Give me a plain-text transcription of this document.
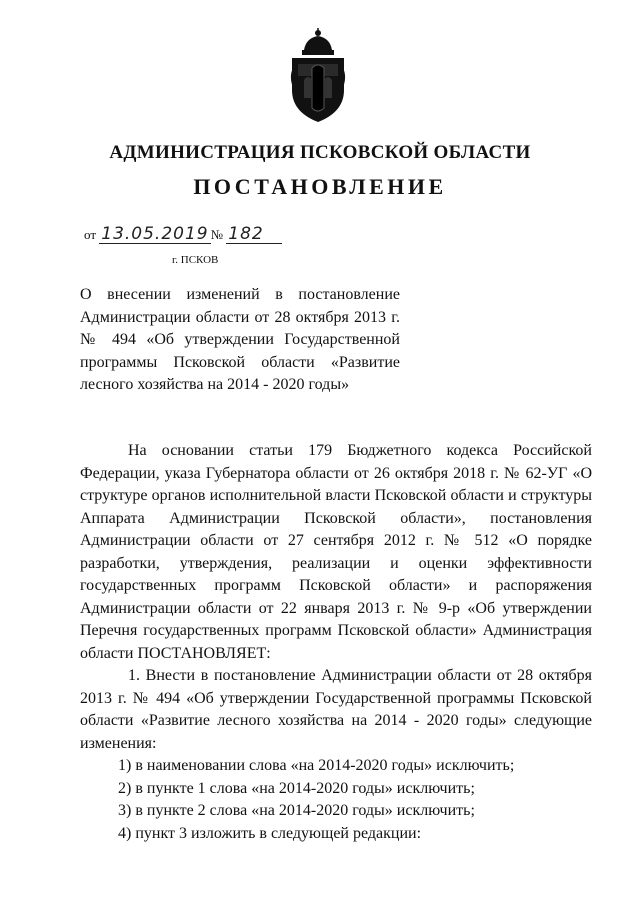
АДМИНИСТРАЦИЯ ПСКОВСКОЙ ОБЛАСТИ
ПОСТАНОВЛЕНИЕ
от 13.05.2019 № 182
г. ПСКОВ
О внесении изменений в постановление Администрации области от 28 октября 2013 г. № 494 «Об утверждении Государственной программы Псковской области «Развитие лесного хозяйства на 2014 - 2020 годы»

На основании статьи 179 Бюджетного кодекса Российской Федерации, указа Губернатора области от 26 октября 2018 г. № 62-УГ «О структуре органов исполнительной власти Псковской области и структуры Аппарата Администрации Псковской области», постановления Администрации области от 27 сентября 2012 г. № 512 «О порядке разработки, утверждения, реализации и оценки эффективности государственных программ Псковской области» и распоряжения Администрации области от 22 января 2013 г. № 9-р «Об утверждении Перечня государственных программ Псковской области» Администрация области ПОСТАНОВЛЯЕТ:

1. Внести в постановление Администрации области от 28 октября 2013 г. № 494 «Об утверждении Государственной программы Псковской области «Развитие лесного хозяйства на 2014 - 2020 годы» следующие изменения:

1) в наименовании слова «на 2014-2020 годы» исключить;

2) в пункте 1 слова «на 2014-2020 годы» исключить;

3) в пункте 2 слова «на 2014-2020 годы» исключить;

4) пункт 3 изложить в следующей редакции:
